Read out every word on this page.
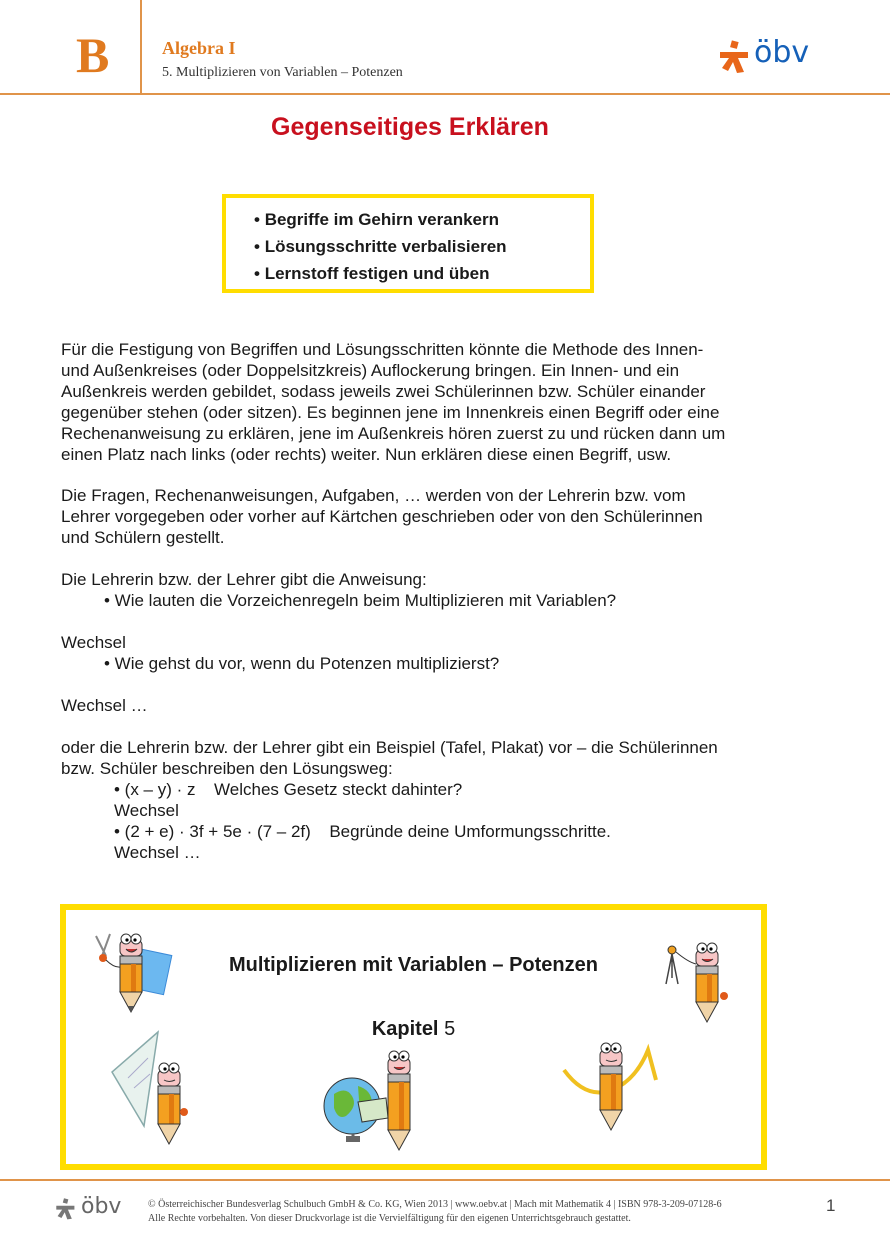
B	Algebra I
5. Multiplizieren von Variablen – Potenzen
öbv
Gegenseitiges Erklären
• Begriffe im Gehirn verankern
• Lösungsschritte verbalisieren
• Lernstoff festigen und üben
Für die Festigung von Begriffen und Lösungsschritten könnte die Methode des Innen-
und Außenkreises (oder Doppelsitzkreis) Auflockerung bringen. Ein Innen- und ein
Außenkreis werden gebildet, sodass jeweils zwei Schülerinnen bzw. Schüler einander
gegenüber stehen (oder sitzen). Es beginnen jene im Innenkreis einen Begriff oder eine
Rechenanweisung zu erklären, jene im Außenkreis hören zuerst zu und rücken dann um
einen Platz nach links (oder rechts) weiter. Nun erklären diese einen Begriff, usw.
Die Fragen, Rechenanweisungen, Aufgaben, … werden von der Lehrerin bzw. vom
Lehrer vorgegeben oder vorher auf Kärtchen geschrieben oder von den Schülerinnen
und Schülern gestellt.
Die Lehrerin bzw. der Lehrer gibt die Anweisung:
• Wie lauten die Vorzeichenregeln beim Multiplizieren mit Variablen?
Wechsel
• Wie gehst du vor, wenn du Potenzen multiplizierst?
Wechsel …
oder die Lehrerin bzw. der Lehrer gibt ein Beispiel (Tafel, Plakat) vor – die Schülerinnen
bzw. Schüler beschreiben den Lösungsweg:
• (x – y) · z Welches Gesetz steckt dahinter?
Wechsel
• (2 + e) · 3f + 5e · (7 – 2f) Begründe deine Umformungsschritte.
Wechsel …
Multiplizieren mit Variablen – Potenzen
Kapitel 5
öbv	© Österreichischer Bundesverlag Schulbuch GmbH & Co. KG, Wien 2013 | www.oebv.at | Mach mit Mathematik 4 | ISBN 978-3-209-07128-6
Alle Rechte vorbehalten. Von dieser Druckvorlage ist die Vervielfältigung für den eigenen Unterrichtsgebrauch gestattet.
1
